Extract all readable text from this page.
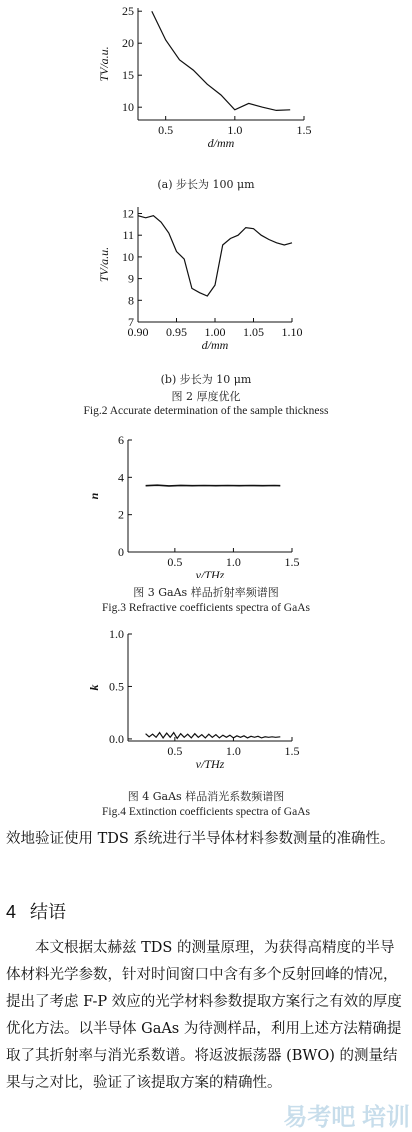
25
20
15
10
0.5	1.0	1.5
d/mm
TV/a.u.
(a) 步长为 100 μm
12
11
10
9
8
7
0.90 0.95 1.00 1.05 1.10
d/mm
TV/a.u.
(b) 步长为 10 μm
图 2 厚度优化
Fig.2 Accurate determination of the sample thickness
6
4
2
0
0.5	1.0	1.5
v/THz
n
图 3 GaAs 样品折射率频谱图
Fig.3 Refractive coefficients spectra of GaAs
1.0
0.5
0.0
0.5	1.0	1.5
v/THz
k
图 4 GaAs 样品消光系数频谱图
Fig.4 Extinction coefficients spectra of GaAs
效地验证使用 TDS 系统进行半导体材料参数测量的准确性。
4 结语
本文根据太赫兹 TDS 的测量原理，为获得高精度的半导体材料光学参数，针对时间窗口中含有多个反射回峰的情况，提出了考虑 F-P 效应的光学材料参数提取方案行之有效的厚度优化方法。以半导体 GaAs 为待测样品，利用上述方法精确提取了其折射率与消光系数谱。将返波振荡器 (BWO) 的测量结果与之对比，验证了该提取方案的精确性。
易考吧 培训
